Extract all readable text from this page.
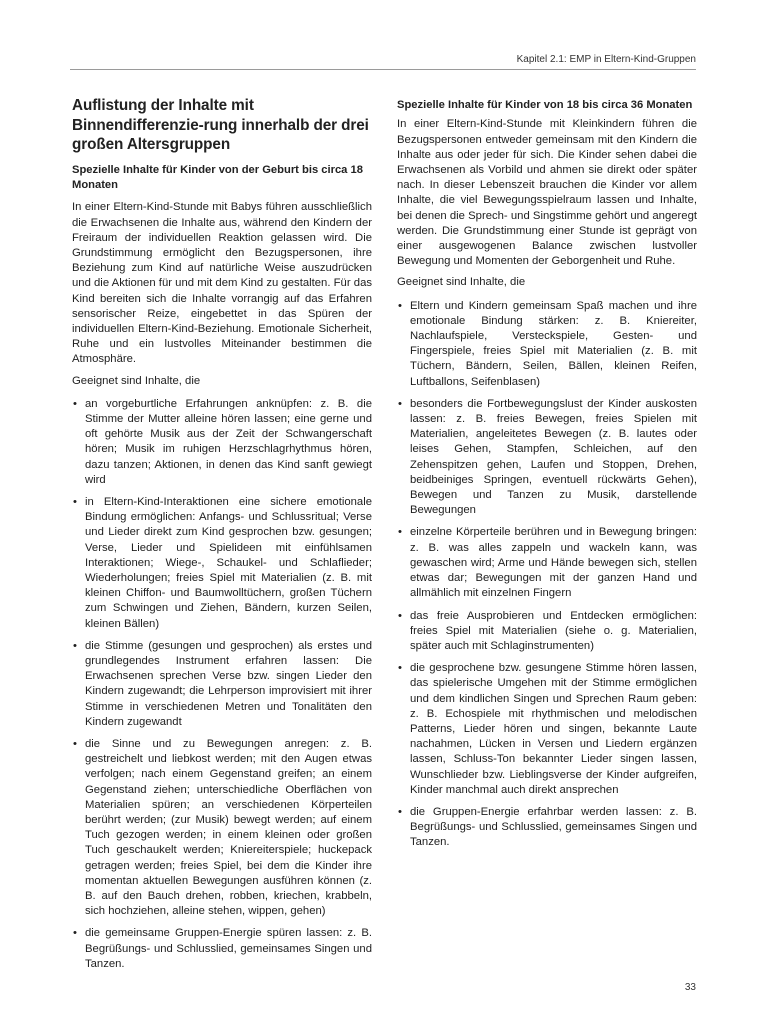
Kapitel 2.1: EMP in Eltern-Kind-Gruppen
Auflistung der Inhalte mit Binnendifferenzie-rung innerhalb der drei großen Altersgruppen
Spezielle Inhalte für Kinder von der Geburt bis circa 18 Monaten

In einer Eltern-Kind-Stunde mit Babys führen ausschließlich die Erwachsenen die Inhalte aus, während den Kindern der Freiraum der individuellen Reaktion gelassen wird. Die Grundstimmung ermöglicht den Bezugspersonen, ihre Beziehung zum Kind auf natürliche Weise auszudrücken und die Aktionen für und mit dem Kind zu gestalten. Für das Kind bereiten sich die Inhalte vorrangig auf das Erfahren sensorischer Reize, eingebettet in das Spüren der individuellen Eltern-Kind-Beziehung. Emotionale Sicherheit, Ruhe und ein lustvolles Miteinander bestimmen die Atmosphäre.

Geeignet sind Inhalte, die

• an vorgeburtliche Erfahrungen anknüpfen: z. B. die Stimme der Mutter alleine hören lassen; eine gerne und oft gehörte Musik aus der Zeit der Schwangerschaft hören; Musik im ruhigen Herzschlagrhythmus hören, dazu tanzen; Aktionen, in denen das Kind sanft gewiegt wird
• in Eltern-Kind-Interaktionen eine sichere emotionale Bindung ermöglichen: Anfangs- und Schlussritual; Verse und Lieder direkt zum Kind gesprochen bzw. gesungen; Verse, Lieder und Spielideen mit einfühlsamen Interaktionen; Wiege-, Schaukel- und Schlaflieder; Wiederholungen; freies Spiel mit Materialien (z. B. mit kleinen Chiffon- und Baumwolltüchern, großen Tüchern zum Schwingen und Ziehen, Bändern, kurzen Seilen, kleinen Bällen)
• die Stimme (gesungen und gesprochen) als erstes und grundlegendes Instrument erfahren lassen: Die Erwachsenen sprechen Verse bzw. singen Lieder den Kindern zugewandt; die Lehrperson improvisiert mit ihrer Stimme in verschiedenen Metren und Tonalitäten den Kindern zugewandt
• die Sinne und zu Bewegungen anregen: z. B. gestreichelt und liebkost werden; mit den Augen etwas verfolgen; nach einem Gegenstand greifen; an einem Gegenstand ziehen; unterschiedliche Oberflächen von Materialien spüren; an verschiedenen Körperteilen berührt werden; (zur Musik) bewegt werden; auf einem Tuch gezogen werden; in einem kleinen oder großen Tuch geschaukelt werden; Kniereiterspiele; huckepack getragen werden; freies Spiel, bei dem die Kinder ihre momentan aktuellen Bewegungen ausführen können (z. B. auf den Bauch drehen, robben, kriechen, krabbeln, sich hochziehen, alleine stehen, wippen, gehen)
• die gemeinsame Gruppen-Energie spüren lassen: z. B. Begrüßungs- und Schlusslied, gemeinsames Singen und Tanzen.
Spezielle Inhalte für Kinder von 18 bis circa 36 Monaten

In einer Eltern-Kind-Stunde mit Kleinkindern führen die Bezugspersonen entweder gemeinsam mit den Kindern die Inhalte aus oder jeder für sich. Die Kinder sehen dabei die Erwachsenen als Vorbild und ahmen sie direkt oder später nach. In dieser Lebenszeit brauchen die Kinder vor allem Inhalte, die viel Bewegungsspielraum lassen und Inhalte, bei denen die Sprech- und Singstimme gehört und angeregt werden. Die Grundstimmung einer Stunde ist geprägt von einer ausgewogenen Balance zwischen lustvoller Bewegung und Momenten der Geborgenheit und Ruhe.

Geeignet sind Inhalte, die

• Eltern und Kindern gemeinsam Spaß machen und ihre emotionale Bindung stärken: z. B. Kniereiter, Nachlaufspiele, Versteckspiele, Gesten- und Fingerspiele, freies Spiel mit Materialien (z. B. mit Tüchern, Bändern, Seilen, Bällen, kleinen Reifen, Luftballons, Seifenblasen)
• besonders die Fortbewegungslust der Kinder auskosten lassen: z. B. freies Bewegen, freies Spielen mit Materialien, angeleitetes Bewegen (z. B. lautes oder leises Gehen, Stampfen, Schleichen, auf den Zehenspitzen gehen, Laufen und Stoppen, Drehen, beidbeiniges Springen, eventuell rückwärts Gehen), Bewegen und Tanzen zu Musik, darstellende Bewegungen
• einzelne Körperteile berühren und in Bewegung bringen: z. B. was alles zappeln und wackeln kann, was gewaschen wird; Arme und Hände bewegen sich, stellen etwas dar; Bewegungen mit der ganzen Hand und allmählich mit einzelnen Fingern
• das freie Ausprobieren und Entdecken ermöglichen: freies Spiel mit Materialien (siehe o. g. Materialien, später auch mit Schlaginstrumenten)
• die gesprochene bzw. gesungene Stimme hören lassen, das spielerische Umgehen mit der Stimme ermöglichen und dem kindlichen Singen und Sprechen Raum geben: z. B. Echospiele mit rhythmischen und melodischen Patterns, Lieder hören und singen, bekannte Laute nachahmen, Lücken in Versen und Liedern ergänzen lassen, Schluss-Ton bekannter Lieder singen lassen, Wunschlieder bzw. Lieblingsverse der Kinder aufgreifen, Kinder manchmal auch direkt ansprechen
• die Gruppen-Energie erfahrbar werden lassen: z. B. Begrüßungs- und Schlusslied, gemeinsames Singen und Tanzen.
33
